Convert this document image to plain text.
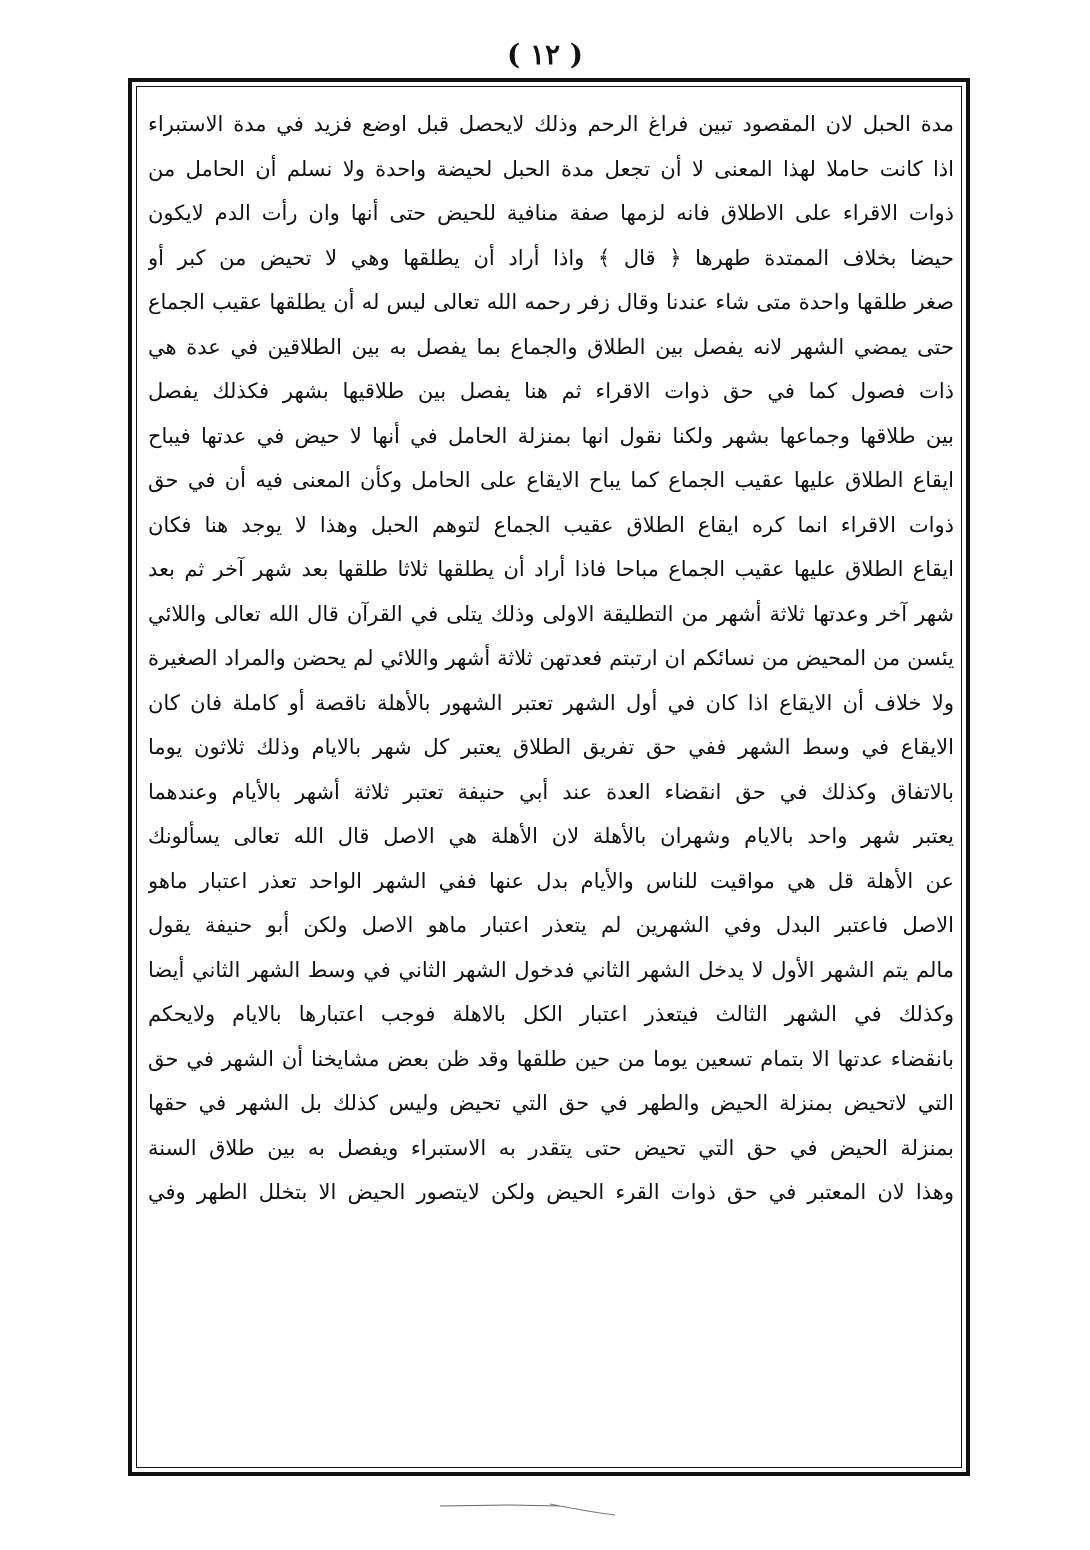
( ١٢ )
مدة الحبل لان المقصود تبين فراغ الرحم وذلك لايحصل قبل اوضع فزيد في مدة الاستبراء
اذا كانت حاملا لهذا المعنى لا أن تجعل مدة الحبل لحيضة واحدة ولا نسلم أن الحامل من
ذوات الاقراء على الاطلاق فانه لزمها صفة منافية للحيض حتى أنها وان رأت الدم لايكون
حيضا بخلاف الممتدة طهرها ﴿ قال ﴾ واذا أراد أن يطلقها وهي لا تحيض من كبر أو
صغر طلقها واحدة متى شاء عندنا وقال زفر رحمه الله تعالى ليس له أن يطلقها عقيب الجماع
حتى يمضي الشهر لانه يفصل بين الطلاق والجماع بما يفصل به بين الطلاقين في عدة هي
ذات فصول كما في حق ذوات الاقراء ثم هنا يفصل بين طلاقيها بشهر فكذلك يفصل
بين طلاقها وجماعها بشهر ولكنا نقول انها بمنزلة الحامل في أنها لا حيض في عدتها فيباح
ايقاع الطلاق عليها عقيب الجماع كما يباح الايقاع على الحامل وكأن المعنى فيه أن في حق
ذوات الاقراء انما كره ايقاع الطلاق عقيب الجماع لتوهم الحبل وهذا لا يوجد هنا فكان
ايقاع الطلاق عليها عقيب الجماع مباحا فاذا أراد أن يطلقها ثلاثا طلقها بعد شهر آخر ثم بعد
شهر آخر وعدتها ثلاثة أشهر من التطليقة الاولى وذلك يتلى في القرآن قال الله تعالى واللائي
يئسن من المحيض من نسائكم ان ارتبتم فعدتهن ثلاثة أشهر واللائي لم يحضن والمراد الصغيرة
ولا خلاف أن الايقاع اذا كان في أول الشهر تعتبر الشهور بالأهلة ناقصة أو كاملة فان كان
الايقاع في وسط الشهر ففي حق تفريق الطلاق يعتبر كل شهر بالايام وذلك ثلاثون يوما
بالاتفاق وكذلك في حق انقضاء العدة عند أبي حنيفة تعتبر ثلاثة أشهر بالأيام وعندهما
يعتبر شهر واحد بالايام وشهران بالأهلة لان الأهلة هي الاصل قال الله تعالى يسألونك
عن الأهلة قل هي مواقيت للناس والأيام بدل عنها ففي الشهر الواحد تعذر اعتبار ماهو
الاصل فاعتبر البدل وفي الشهرين لم يتعذر اعتبار ماهو الاصل ولكن أبو حنيفة يقول
مالم يتم الشهر الأول لا يدخل الشهر الثاني فدخول الشهر الثاني في وسط الشهر الثاني أيضا
وكذلك في الشهر الثالث فيتعذر اعتبار الكل بالاهلة فوجب اعتبارها بالايام ولايحكم
بانقضاء عدتها الا بتمام تسعين يوما من حين طلقها وقد ظن بعض مشايخنا أن الشهر في حق
التي لاتحيض بمنزلة الحيض والطهر في حق التي تحيض وليس كذلك بل الشهر في حقها
بمنزلة الحيض في حق التي تحيض حتى يتقدر به الاستبراء ويفصل به بين طلاق السنة
وهذا لان المعتبر في حق ذوات القرء الحيض ولكن لايتصور الحيض الا بتخلل الطهر وفي
